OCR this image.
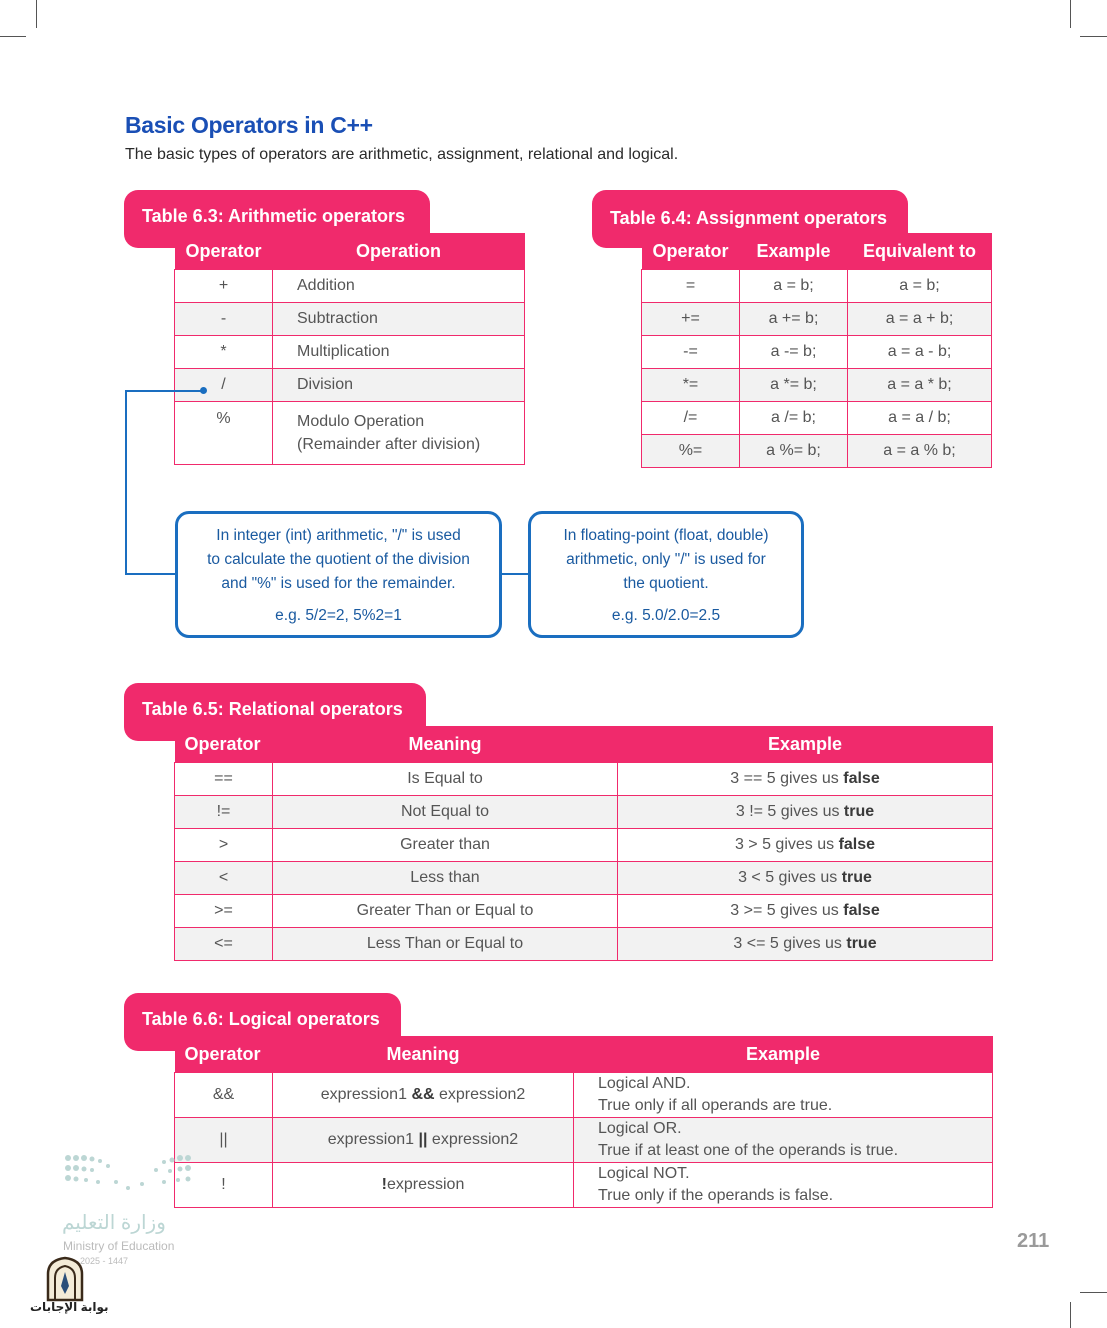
Basic Operators in C++
The basic types of operators are arithmetic, assignment, relational and logical.
Table 6.3: Arithmetic operators
Operator	Operation
+	Addition
-	Subtraction
*	Multiplication
/	Division
%	Modulo Operation
(Remainder after division)
Table 6.4: Assignment operators
Operator	Example	Equivalent to
=	a = b;	a = b;
+=	a += b;	a = a + b;
-=	a -= b;	a = a - b;
*=	a *= b;	a = a * b;
/=	a /= b;	a = a / b;
%=	a %= b;	a = a % b;
In integer (int) arithmetic, "/" is used
to calculate the quotient of the division
and "%" is used for the remainder.
e.g. 5/2=2, 5%2=1
In floating-point (float, double)
arithmetic, only "/" is used for
the quotient.
e.g. 5.0/2.0=2.5
Table 6.5: Relational operators
Operator	Meaning	Example
==	Is Equal to	3 == 5 gives us false
!=	Not Equal to	3 != 5 gives us true
>	Greater than	3 > 5 gives us false
<	Less than	3 < 5 gives us true
>=	Greater Than or Equal to	3 >= 5 gives us false
<=	Less Than or Equal to	3 <= 5 gives us true
Table 6.6: Logical operators
Operator	Meaning	Example
&&	expression1 && expression2	Logical AND.
True only if all operands are true.

||	expression1 || expression2	Logical OR.
True if at least one of the operands is true.

!	!expression	Logical NOT.
True only if the operands is false.
وزارة التعليم
Ministry of Education
2025 - 1447
بوابة الإجابات
211
